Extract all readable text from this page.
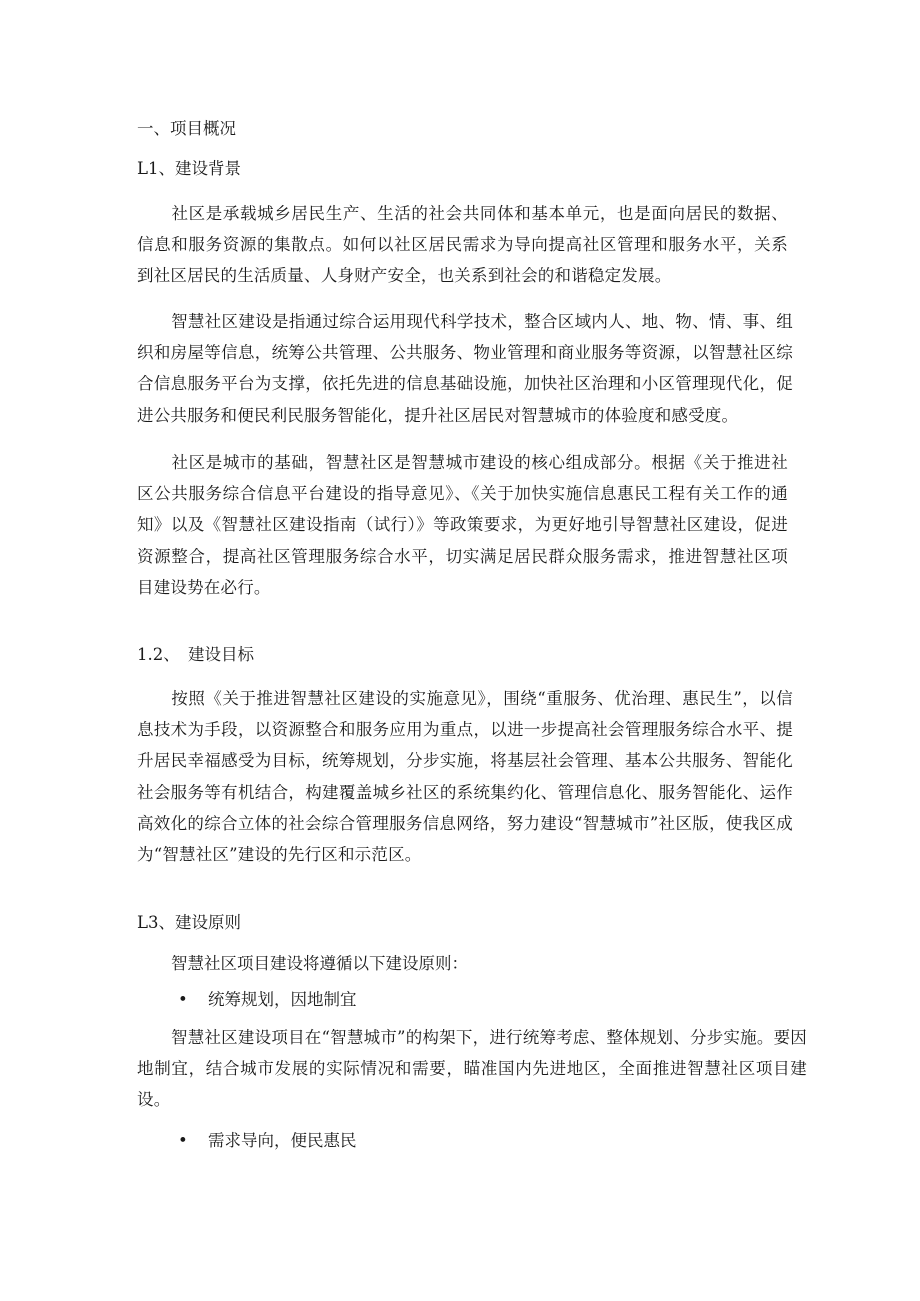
一、项目概况
L1、建设背景
社区是承载城乡居民生产、生活的社会共同体和基本单元，也是面向居民的数据、信息和服务资源的集散点。如何以社区居民需求为导向提高社区管理和服务水平，关系到社区居民的生活质量、人身财产安全，也关系到社会的和谐稳定发展。
智慧社区建设是指通过综合运用现代科学技术，整合区域内人、地、物、情、事、组织和房屋等信息，统筹公共管理、公共服务、物业管理和商业服务等资源，以智慧社区综合信息服务平台为支撑，依托先进的信息基础设施，加快社区治理和小区管理现代化，促进公共服务和便民利民服务智能化，提升社区居民对智慧城市的体验度和感受度。
社区是城市的基础，智慧社区是智慧城市建设的核心组成部分。根据《关于推进社区公共服务综合信息平台建设的指导意见》、《关于加快实施信息惠民工程有关工作的通知》以及《智慧社区建设指南（试行）》等政策要求，为更好地引导智慧社区建设，促进资源整合，提高社区管理服务综合水平，切实满足居民群众服务需求，推进智慧社区项目建设势在必行。
1.2、　建设目标
按照《关于推进智慧社区建设的实施意见》，围绕“重服务、优治理、惠民生”，以信息技术为手段，以资源整合和服务应用为重点，以进一步提高社会管理服务综合水平、提升居民幸福感受为目标，统筹规划，分步实施，将基层社会管理、基本公共服务、智能化社会服务等有机结合，构建覆盖城乡社区的系统集约化、管理信息化、服务智能化、运作高效化的综合立体的社会综合管理服务信息网络，努力建设“智慧城市”社区版，使我区成为“智慧社区”建设的先行区和示范区。
L3、建设原则
智慧社区项目建设将遵循以下建设原则：
• 统筹规划，因地制宜
智慧社区建设项目在“智慧城市”的构架下，进行统筹考虑、整体规划、分步实施。要因地制宜，结合城市发展的实际情况和需要，瞄准国内先进地区，全面推进智慧社区项目建设。
• 需求导向，便民惠民
